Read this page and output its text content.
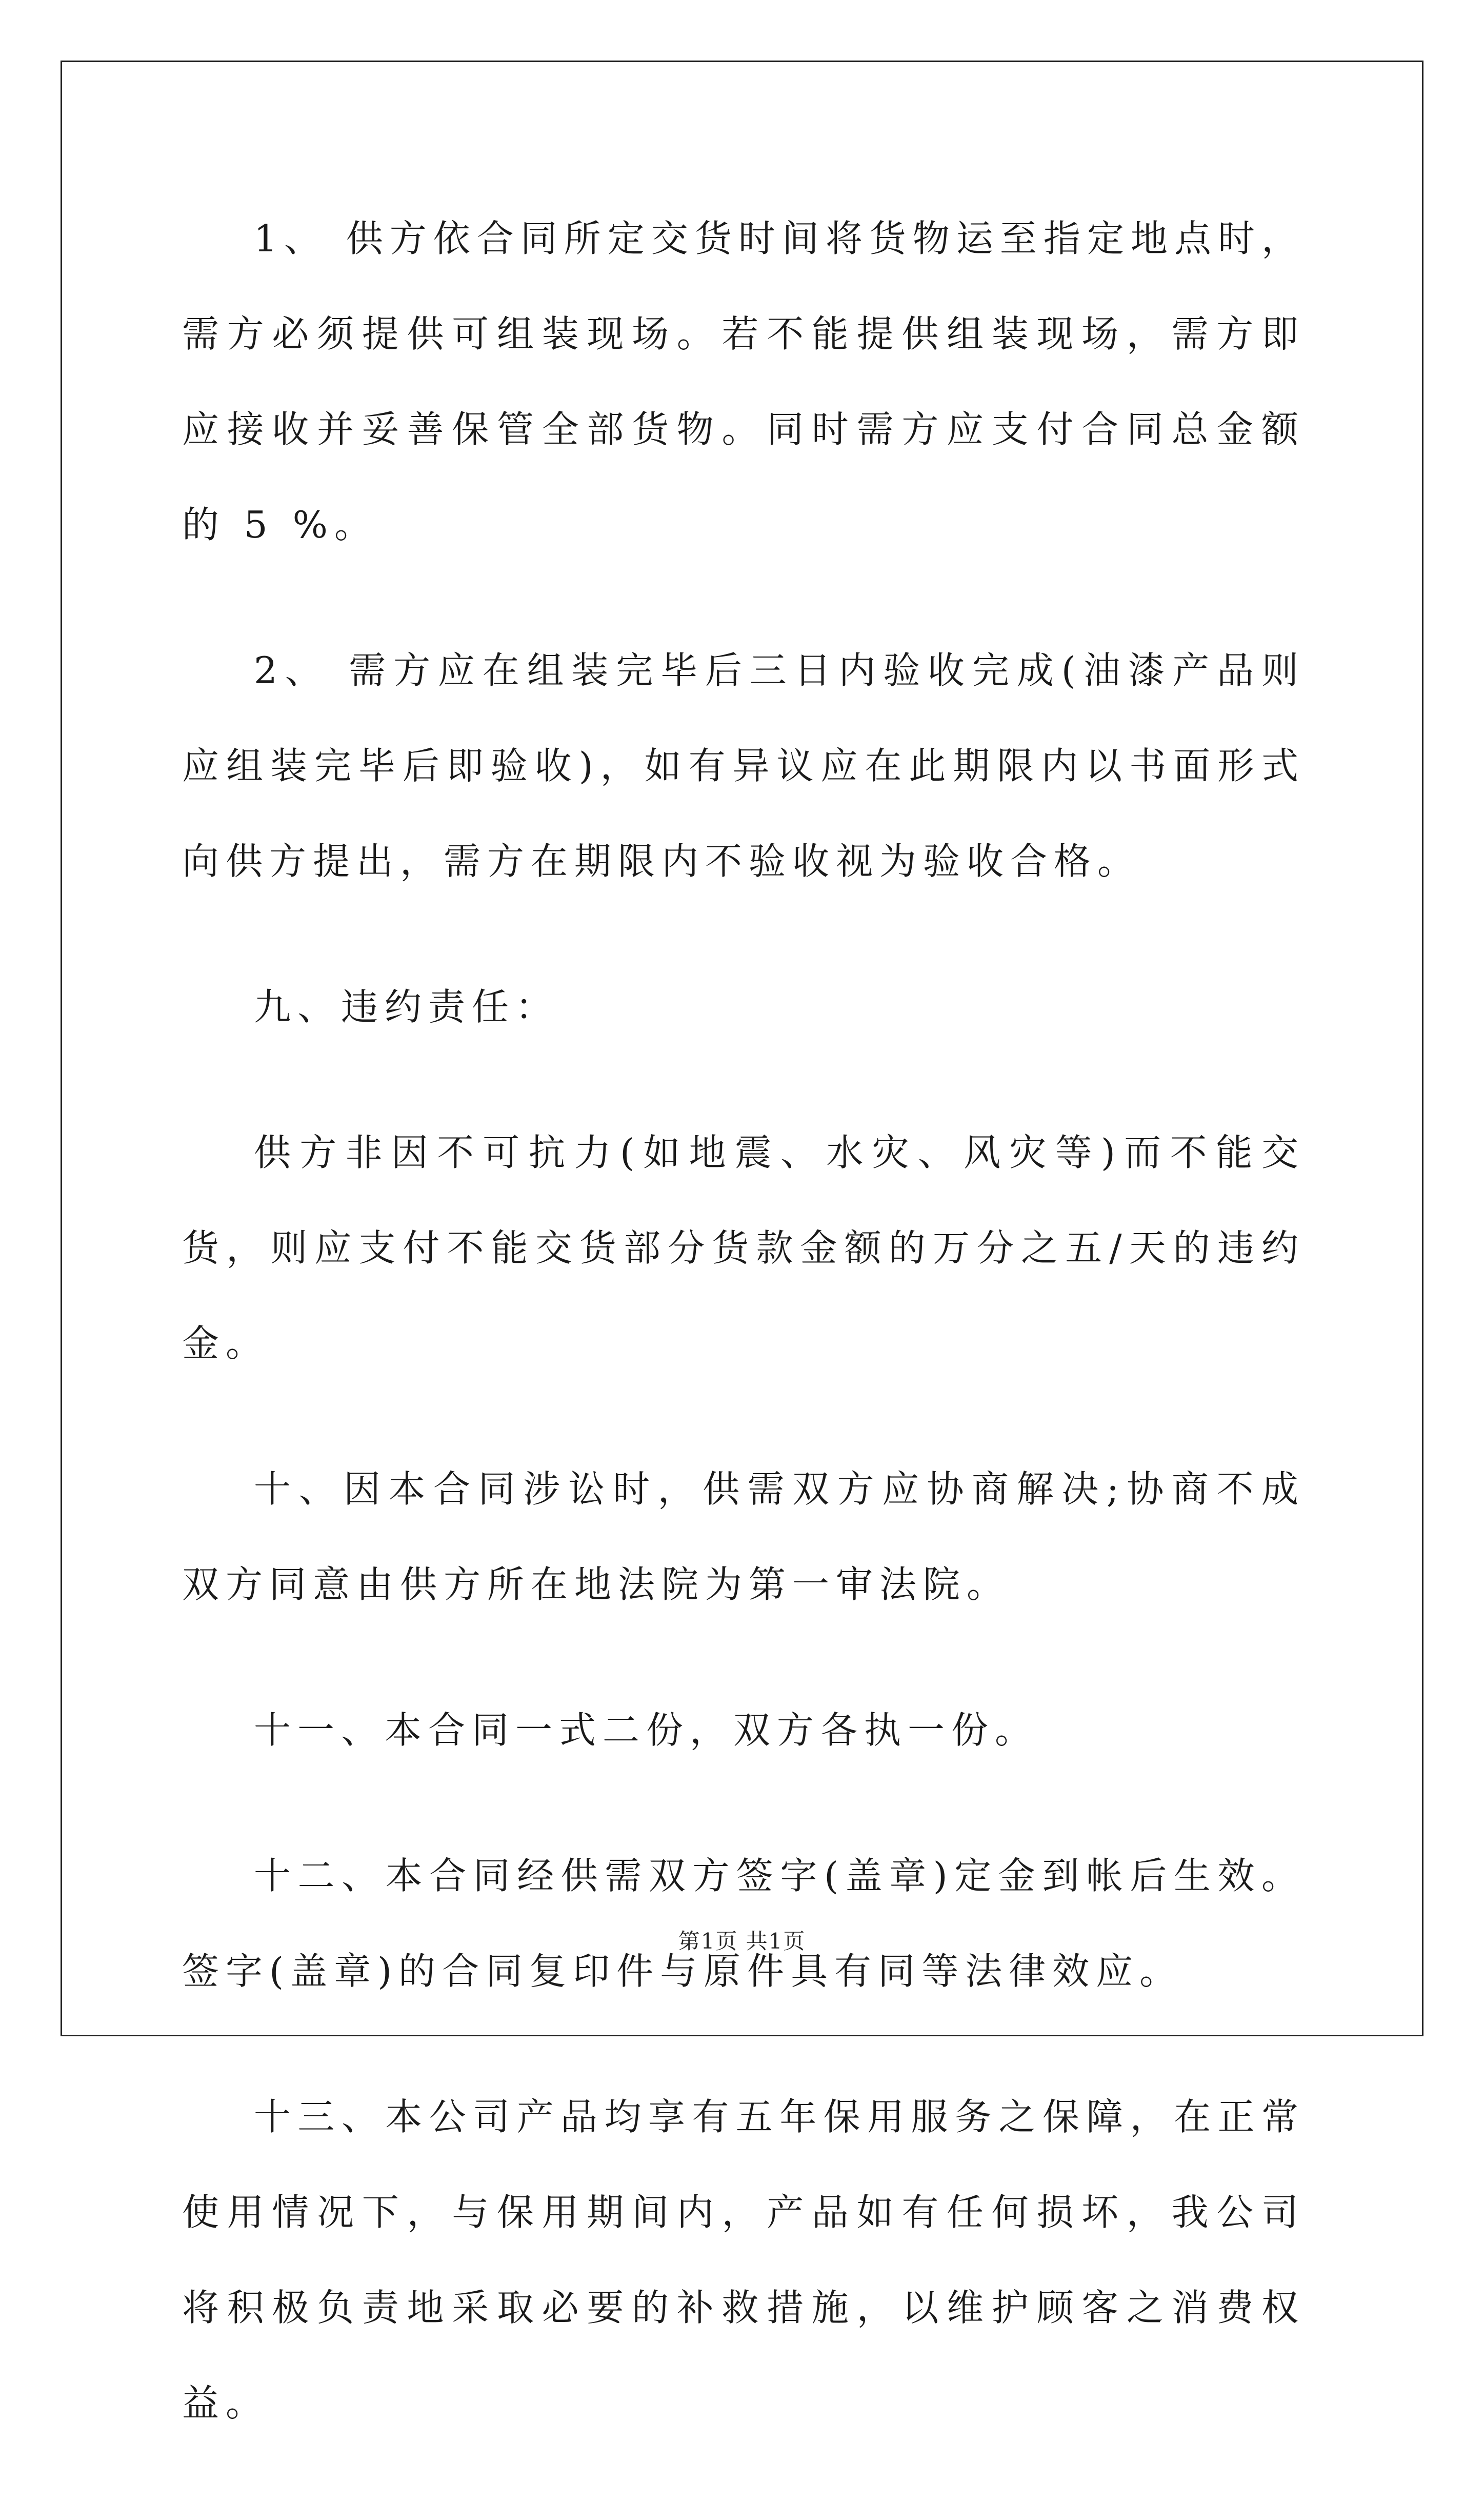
1、 供方依合同所定交货时间将货物运至指定地点时，需方必须提供可组装现场。若不能提供组装现场，需方即应接收并妥善保管全部货物。同时需方应支付合同总金额的 5 %。

2、 需方应在组装完毕后三日内验收完成(油漆产品则应组装完毕后即验收)，如有异议应在此期限内以书面形式向供方提出，需方在期限内不验收视为验收合格。

九、违约责任：

供方非因不可抗力(如地震、水灾、风灾等)而不能交货，则应支付不能交货部分货款金额的万分之五/天的违约金。

十、因本合同涉讼时，供需双方应协商解决;协商不成双方同意由供方所在地法院为第一审法院。

十一、本合同一式二份，双方各执一份。

十二、本合同经供需双方签字(盖章)定金到帐后生效。签字(盖章)的合同复印件与原件具有同等法律效应。

十三、本公司产品均享有五年保用服务之保障，在正常使用情况下，与保用期间内，产品如有任何损坏，我公司将积极负责地采取必要的补救措施，以维护顾客之消费权益。

第1页 共1页
